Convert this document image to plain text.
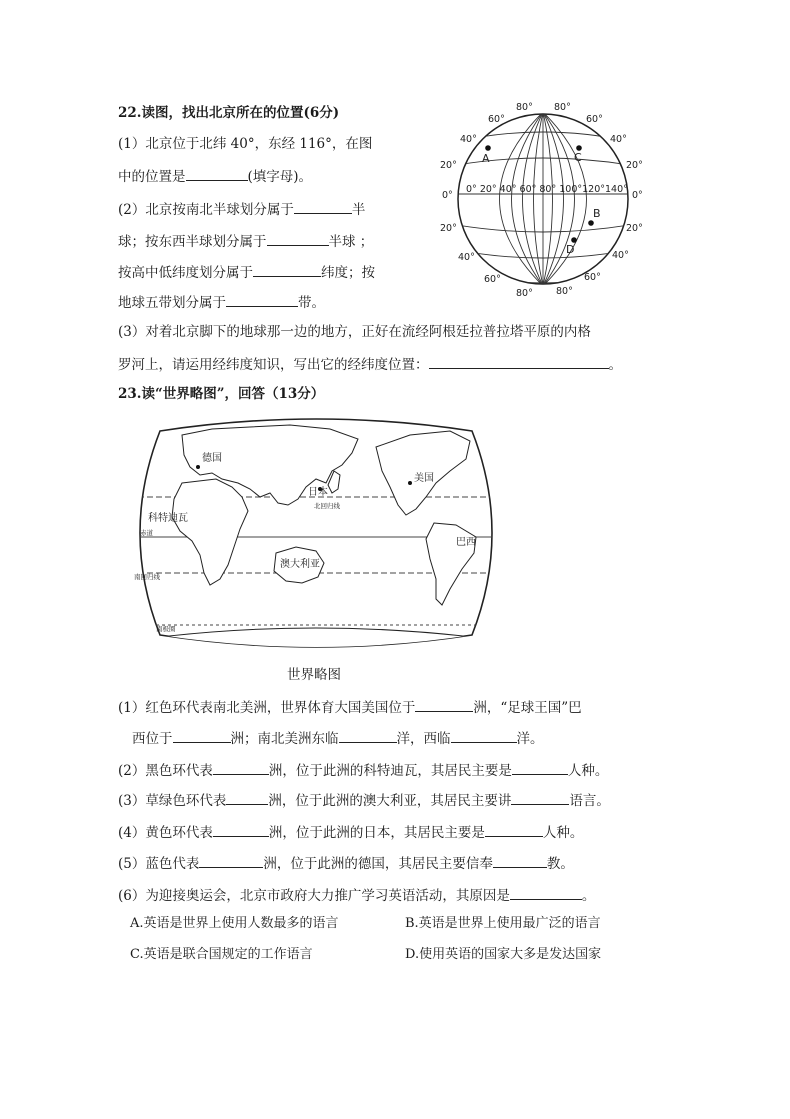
22.读图，找出北京所在的位置(6分)
(1）北京位于北纬 40°，东经 116°，在图
中的位置是	(填字母)。
(2）北京按南北半球划分属于	半
球；按东西半球划分属于	半球 ；
按高中低纬度划分属于	纬度；按
地球五带划分属于	带。
(3）对着北京脚下的地球那一边的地方，正好在流经阿根廷拉普拉塔平原的内格
罗河上，请运用经纬度知识，写出它的经纬度位置：	。
A	C
B
D
80° 80°
60°	60°
40°	40°
20°	20°
0°	0°
0° 20° 40° 60° 80° 100°120°140°
20°	20°
40°	40°
60°	60°
80° 80°
23.读“世界略图”，回答（13分）
德国
日本
美国
科特迪瓦
巴西
澳大利亚
北回归线
赤道
南回归线
南极圈
世界略图
(1）红色环代表南北美洲，世界体育大国美国位于	洲，“足球王国”巴
西位于	洲；南北美洲东临	洋，西临	洋。
(2）黑色环代表	洲，位于此洲的科特迪瓦，其居民主要是	人种。
(3）草绿色环代表	洲，位于此洲的澳大利亚，其居民主要讲	语言。
(4）黄色环代表	洲，位于此洲的日本，其居民主要是	人种。
(5）蓝色代表	洲，位于此洲的德国，其居民主要信奉	教。
(6）为迎接奥运会，北京市政府大力推广学习英语活动，其原因是	。
A.英语是世界上使用人数最多的语言	B.英语是世界上使用最广泛的语言
C.英语是联合国规定的工作语言	D.使用英语的国家大多是发达国家
